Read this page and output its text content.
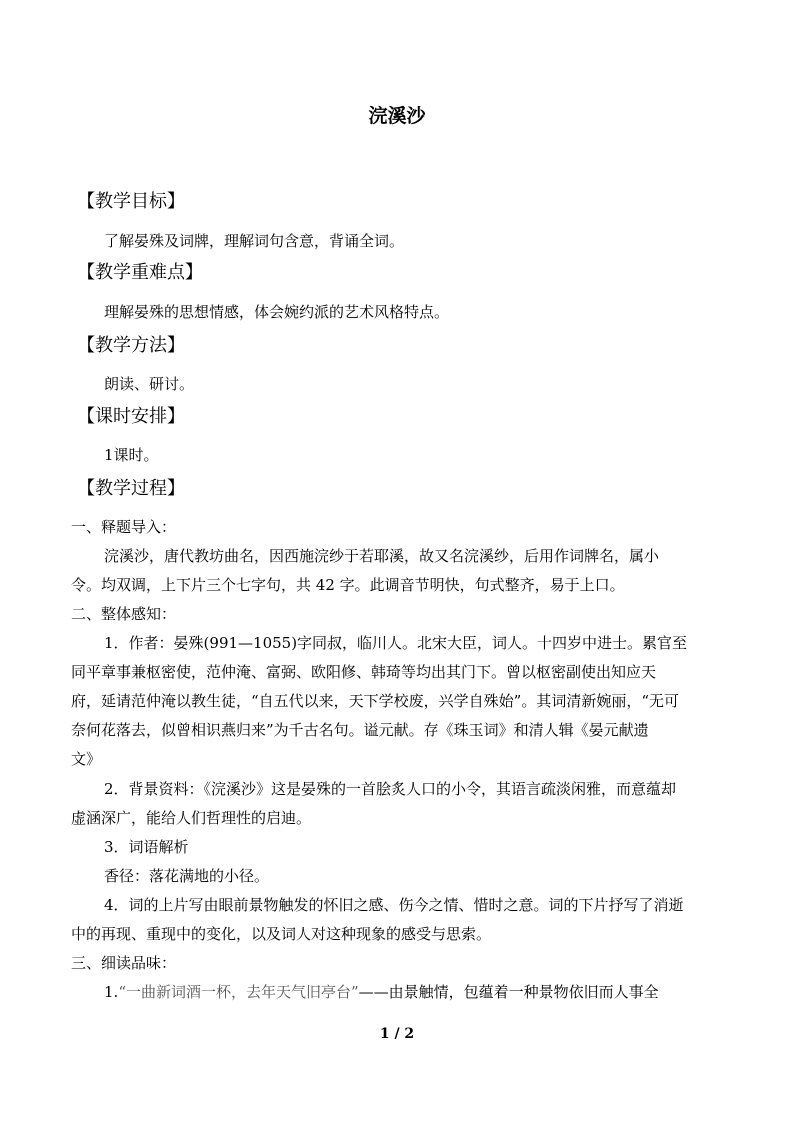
浣溪沙
【教学目标】
了解晏殊及词牌，理解词句含意，背诵全词。
【教学重难点】
理解晏殊的思想情感，体会婉约派的艺术风格特点。
【教学方法】
朗读、研讨。
【课时安排】
1课时。
【教学过程】
一、释题导入：
浣溪沙，唐代教坊曲名，因西施浣纱于若耶溪，故又名浣溪纱，后用作词牌名，属小
令。均双调，上下片三个七字句，共 42 字。此调音节明快，句式整齐，易于上口。
二、整体感知：
1．作者：晏殊(991—1055)字同叔，临川人。北宋大臣，词人。十四岁中进士。累官至
同平章事兼枢密使，范仲淹、富弼、欧阳修、韩琦等均出其门下。曾以枢密副使出知应天
府，延请范仲淹以教生徒，“自五代以来，天下学校废，兴学自殊始”。其词清新婉丽，“无可
奈何花落去，似曾相识燕归来”为千古名句。谥元献。存《珠玉词》和清人辑《晏元献遗
文》
2．背景资料：《浣溪沙》这是晏殊的一首脍炙人口的小令，其语言疏淡闲雅，而意蕴却
虚涵深广，能给人们哲理性的启迪。
3．词语解析
香径：落花满地的小径。
4．词的上片写由眼前景物触发的怀旧之感、伤今之情、惜时之意。词的下片抒写了消逝
中的再现、重现中的变化，以及词人对这种现象的感受与思索。
三、细读品味：
1.“一曲新词酒一杯，去年天气旧亭台”——由景触情，包蕴着一种景物依旧而人事全
1 / 2
